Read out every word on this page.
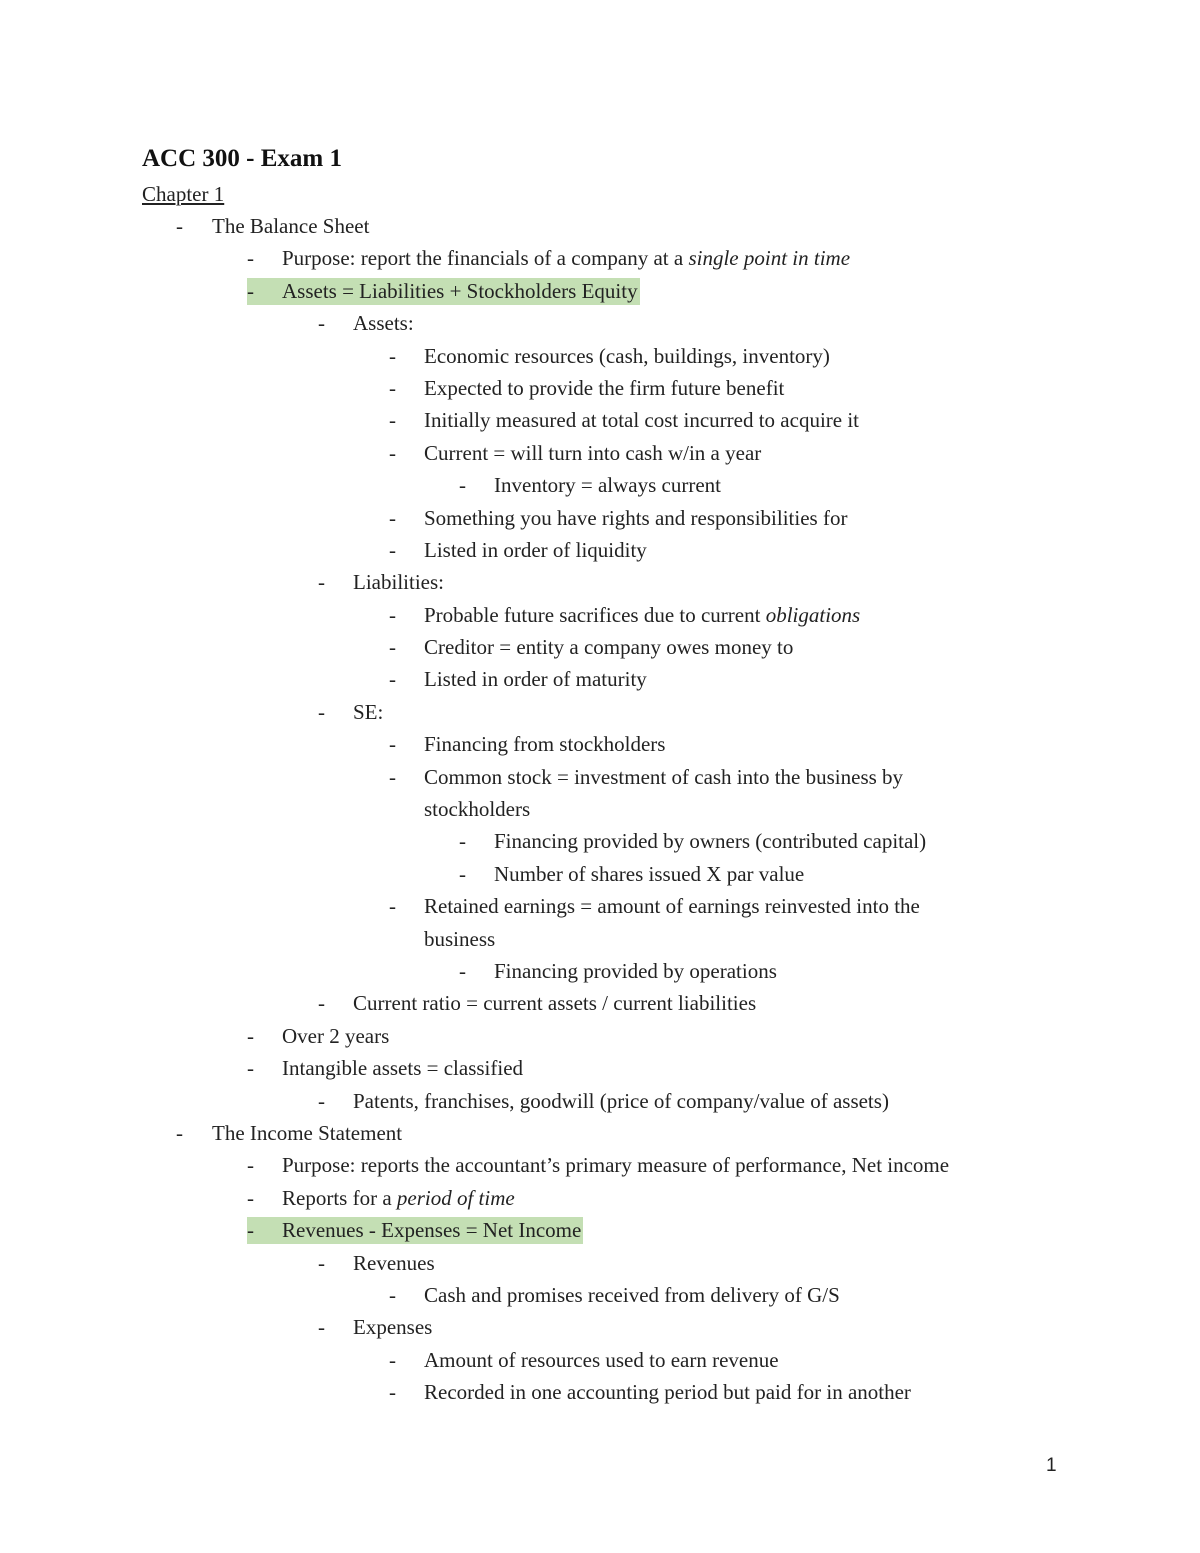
ACC 300 - Exam 1
Chapter 1
-	The Balance Sheet
-	Purpose: report the financials of a company at a single point in time
-	Assets = Liabilities + Stockholders Equity
-	Assets:
-	Economic resources (cash, buildings, inventory)
-	Expected to provide the firm future benefit
-	Initially measured at total cost incurred to acquire it
-	Current = will turn into cash w/in a year
-	Inventory = always current
-	Something you have rights and responsibilities for
-	Listed in order of liquidity
-	Liabilities:
-	Probable future sacrifices due to current obligations
-	Creditor = entity a company owes money to
-	Listed in order of maturity
-	SE:
-	Financing from stockholders
-	Common stock = investment of cash into the business by
stockholders
-	Financing provided by owners (contributed capital)
-	Number of shares issued X par value
-	Retained earnings = amount of earnings reinvested into the
business
-	Financing provided by operations
-	Current ratio = current assets / current liabilities
-	Over 2 years
-	Intangible assets = classified
-	Patents, franchises, goodwill (price of company/value of assets)
-	The Income Statement
-	Purpose: reports the accountant’s primary measure of performance, Net income
-	Reports for a period of time
-	Revenues - Expenses = Net Income
-	Revenues
-	Cash and promises received from delivery of G/S
-	Expenses
-	Amount of resources used to earn revenue
-	Recorded in one accounting period but paid for in another
1
